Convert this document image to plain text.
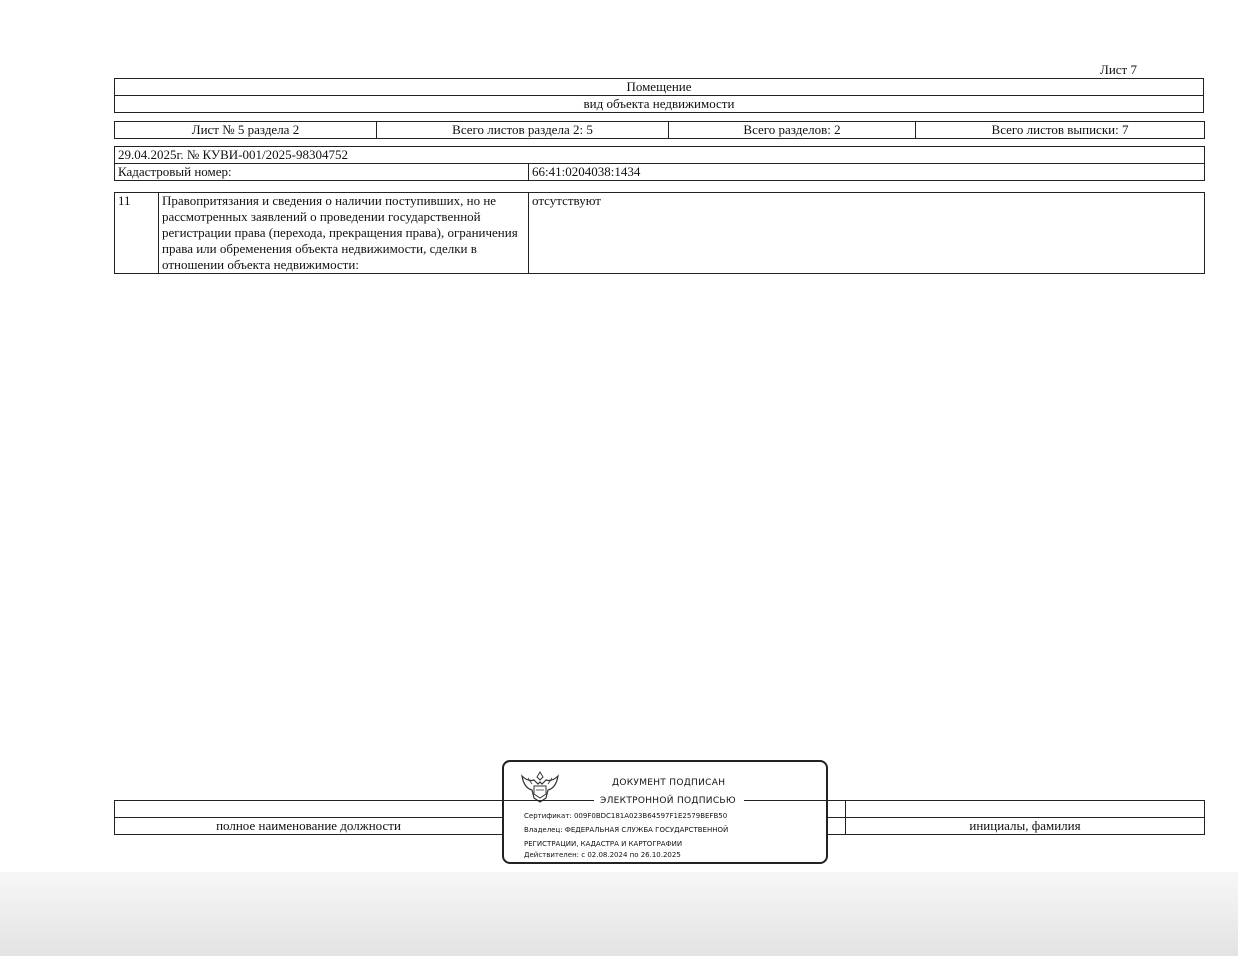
Лист 7
Помещение
вид объекта недвижимости
Лист № 5 раздела 2	Всего листов раздела 2: 5	Всего разделов: 2	Всего листов выписки: 7
29.04.2025г. № КУВИ-001/2025-98304752
Кадастровый номер:	66:41:0204038:1434
11	Правопритязания и сведения о наличии поступивших, но не рассмотренных заявлений о проведении государственной регистрации права (перехода, прекращения права), ограничения права или обременения объекта недвижимости, сделки в отношении объекта недвижимости:	отсутствуют

полное наименование должности		инициалы, фамилия
ДОКУМЕНТ ПОДПИСАН
ЭЛЕКТРОННОЙ ПОДПИСЬЮ
Сертификат: 009F0BDC181A023B64597F1E2579BEFB50
Владелец: ФЕДЕРАЛЬНАЯ СЛУЖБА ГОСУДАРСТВЕННОЙ
РЕГИСТРАЦИИ, КАДАСТРА И КАРТОГРАФИИ
Действителен: с 02.08.2024 по 26.10.2025
